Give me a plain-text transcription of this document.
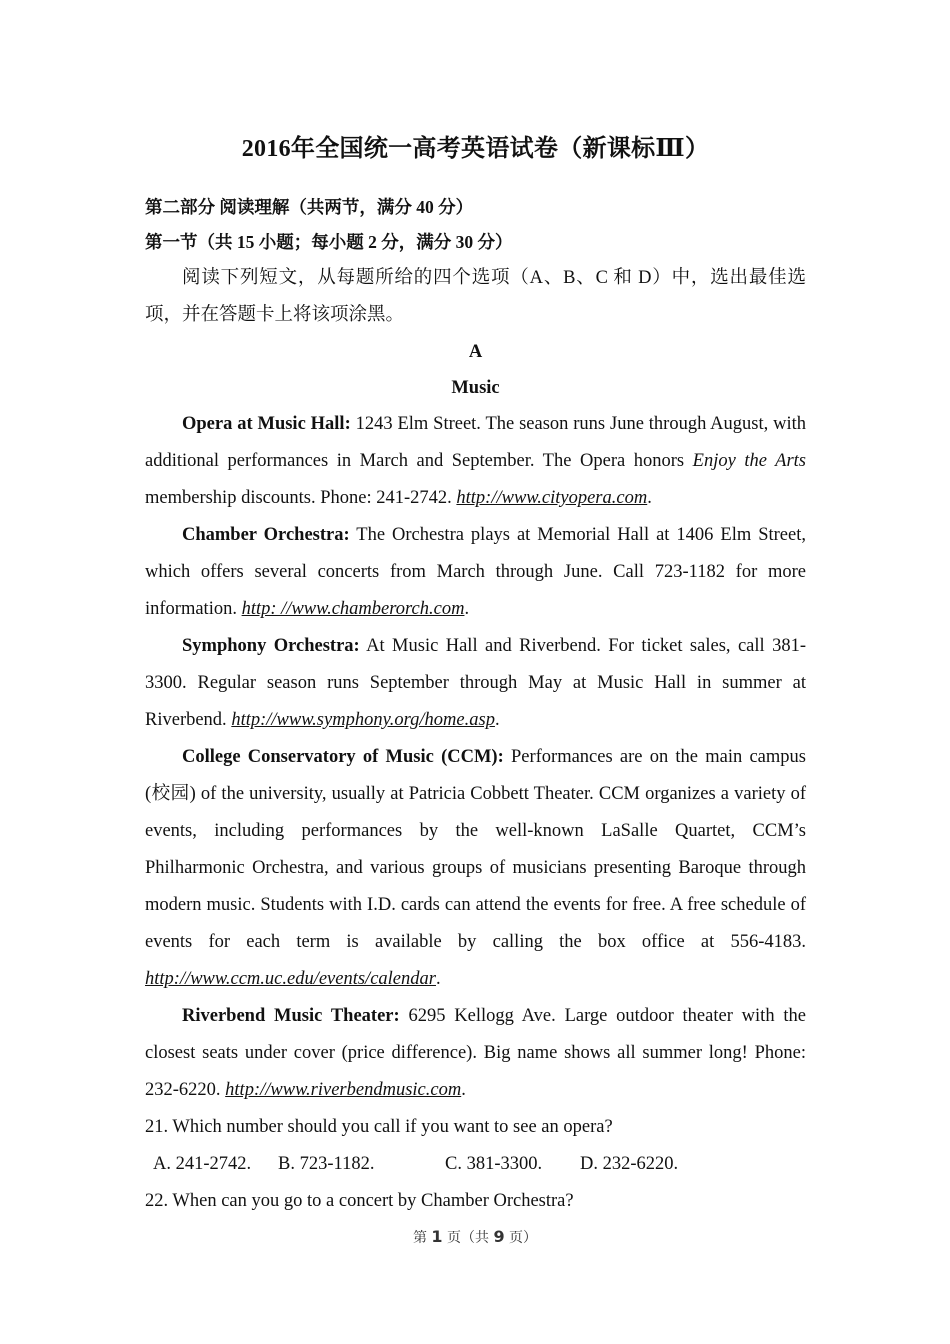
2016年全国统一高考英语试卷（新课标Ⅲ）

第二部分 阅读理解（共两节，满分 40 分）

第一节（共 15 小题；每小题 2 分，满分 30 分）

阅读下列短文，从每题所给的四个选项（A、B、C 和 D）中，选出最佳选项，并在答题卡上将该项涂黑。

A

Music

Opera at Music Hall: 1243 Elm Street. The season runs June through August, with additional performances in March and September. The Opera honors Enjoy the Arts membership discounts. Phone: 241-2742. http://www.cityopera.com.

Chamber Orchestra: The Orchestra plays at Memorial Hall at 1406 Elm Street, which offers several concerts from March through June. Call 723-1182 for more information. http: //www.chamberorch.com.

Symphony Orchestra: At Music Hall and Riverbend. For ticket sales, call 381-3300. Regular season runs September through May at Music Hall in summer at Riverbend. http://www.symphony.org/home.asp.

College Conservatory of Music (CCM): Performances are on the main campus (校园) of the university, usually at Patricia Cobbett Theater. CCM organizes a variety of events, including performances by the well-known LaSalle Quartet, CCM’s Philharmonic Orchestra, and various groups of musicians presenting Baroque through modern music. Students with I.D. cards can attend the events for free. A free schedule of events for each term is available by calling the box office at 556-4183. http://www.ccm.uc.edu/events/calendar.

Riverbend Music Theater: 6295 Kellogg Ave. Large outdoor theater with the closest seats under cover (price difference). Big name shows all summer long! Phone: 232-6220. http://www.riverbendmusic.com.

21. Which number should you call if you want to see an opera?

A. 241-2742. B. 723-1182.	C. 381-3300. D. 232-6220.

22. When can you go to a concert by Chamber Orchestra?

第 1 页（共 9 页）
